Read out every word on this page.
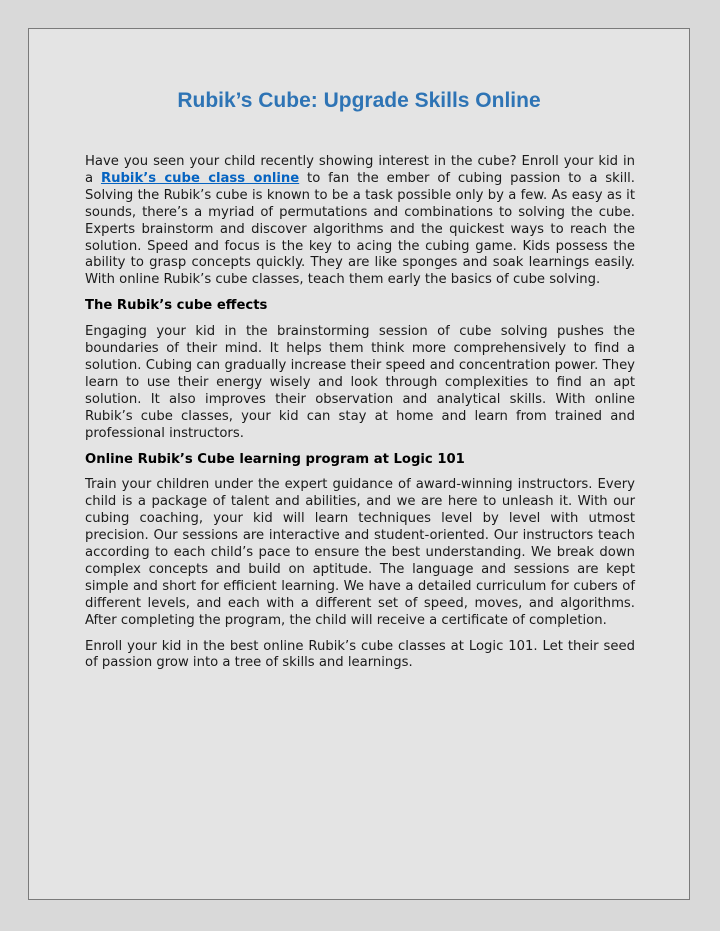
Rubik’s Cube: Upgrade Skills Online

Have you seen your child recently showing interest in the cube? Enroll your kid in a Rubik’s cube class online to fan the ember of cubing passion to a skill. Solving the Rubik’s cube is known to be a task possible only by a few. As easy as it sounds, there’s a myriad of permutations and combinations to solving the cube. Experts brainstorm and discover algorithms and the quickest ways to reach the solution. Speed and focus is the key to acing the cubing game. Kids possess the ability to grasp concepts quickly. They are like sponges and soak learnings easily. With online Rubik’s cube classes, teach them early the basics of cube solving.

The Rubik’s cube effects

Engaging your kid in the brainstorming session of cube solving pushes the boundaries of their mind. It helps them think more comprehensively to find a solution. Cubing can gradually increase their speed and concentration power. They learn to use their energy wisely and look through complexities to find an apt solution. It also improves their observation and analytical skills. With online Rubik’s cube classes, your kid can stay at home and learn from trained and professional instructors.

Online Rubik’s Cube learning program at Logic 101

Train your children under the expert guidance of award-winning instructors. Every child is a package of talent and abilities, and we are here to unleash it. With our cubing coaching, your kid will learn techniques level by level with utmost precision. Our sessions are interactive and student-oriented. Our instructors teach according to each child’s pace to ensure the best understanding. We break down complex concepts and build on aptitude. The language and sessions are kept simple and short for efficient learning. We have a detailed curriculum for cubers of different levels, and each with a different set of speed, moves, and algorithms. After completing the program, the child will receive a certificate of completion.

Enroll your kid in the best online Rubik’s cube classes at Logic 101. Let their seed of passion grow into a tree of skills and learnings.
